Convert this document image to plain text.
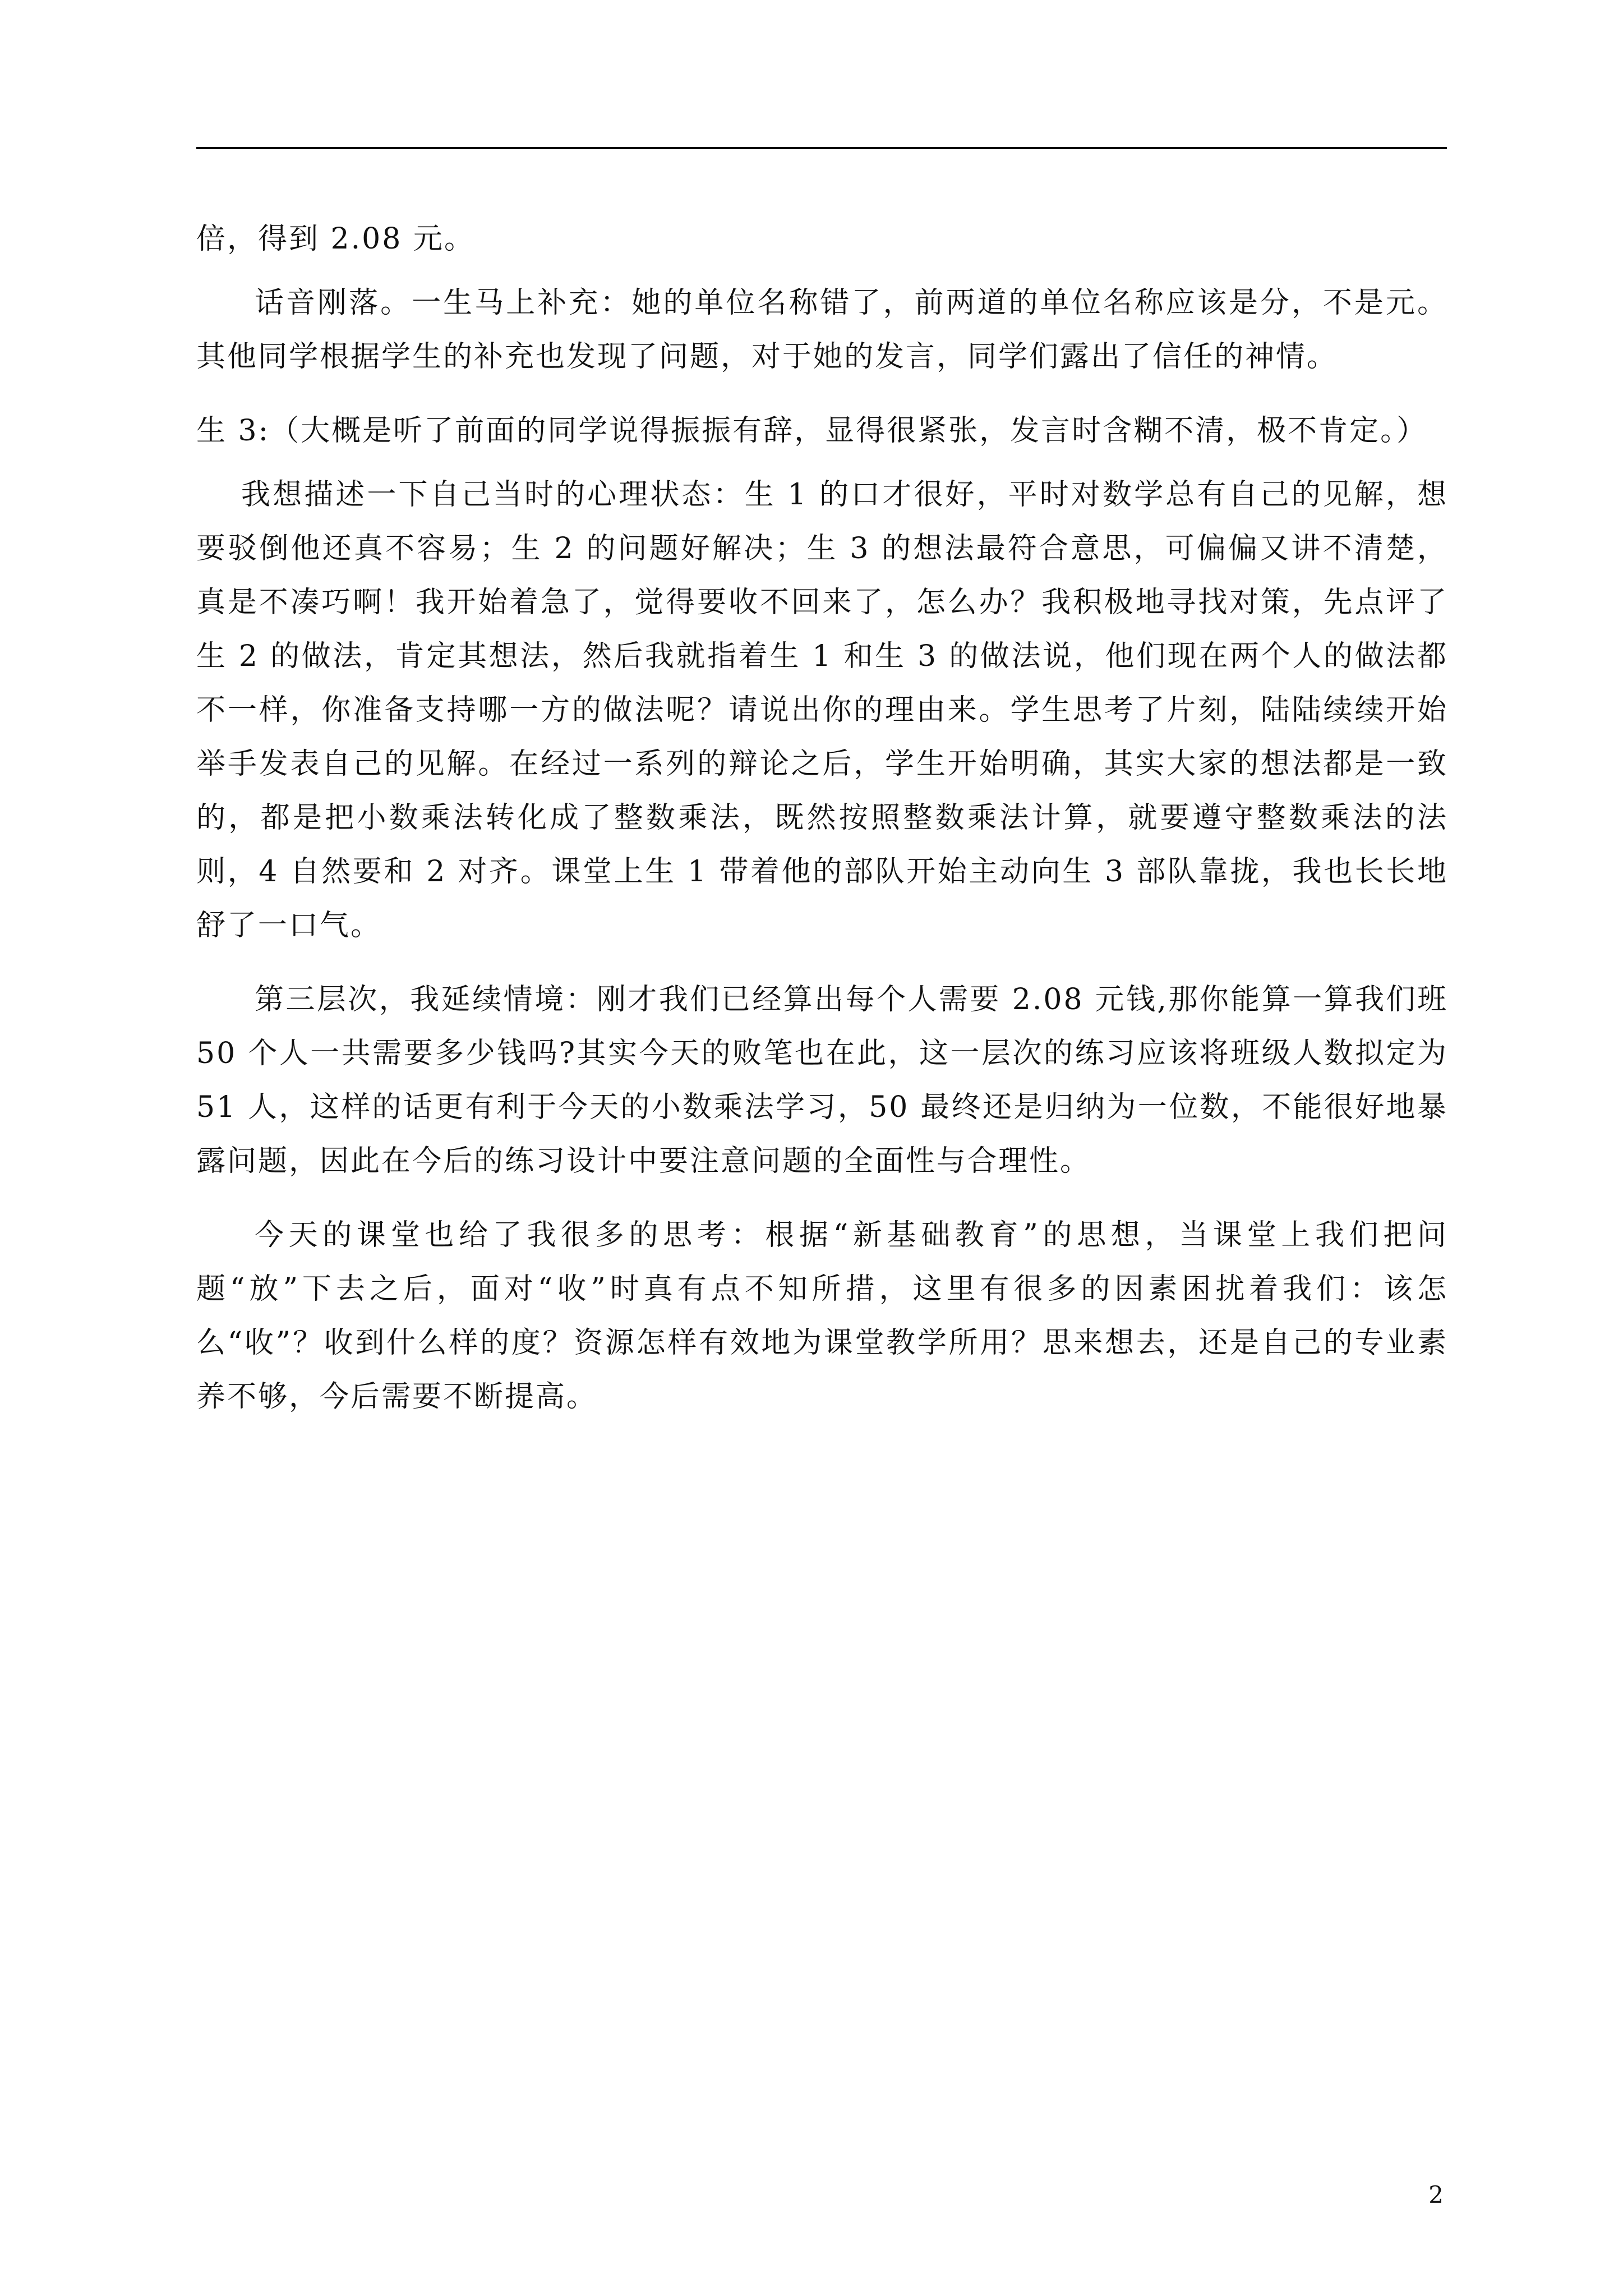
倍，得到 2.08 元。

话音刚落。一生马上补充：她的单位名称错了，前两道的单位名称应该是分，不是元。其他同学根据学生的补充也发现了问题，对于她的发言，同学们露出了信任的神情。

生 3:（大概是听了前面的同学说得振振有辞，显得很紧张，发言时含糊不清，极不肯定。）

我想描述一下自己当时的心理状态：生 1 的口才很好，平时对数学总有自己的见解，想要驳倒他还真不容易；生 2 的问题好解决；生 3 的想法最符合意思，可偏偏又讲不清楚，真是不凑巧啊！我开始着急了，觉得要收不回来了，怎么办？我积极地寻找对策，先点评了生 2 的做法，肯定其想法，然后我就指着生 1 和生 3 的做法说，他们现在两个人的做法都不一样，你准备支持哪一方的做法呢？请说出你的理由来。学生思考了片刻，陆陆续续开始举手发表自己的见解。在经过一系列的辩论之后，学生开始明确，其实大家的想法都是一致的，都是把小数乘法转化成了整数乘法，既然按照整数乘法计算，就要遵守整数乘法的法则，4 自然要和 2 对齐。课堂上生 1 带着他的部队开始主动向生 3 部队靠拢，我也长长地舒了一口气。

第三层次，我延续情境：刚才我们已经算出每个人需要 2.08 元钱,那你能算一算我们班 50 个人一共需要多少钱吗?其实今天的败笔也在此，这一层次的练习应该将班级人数拟定为 51 人，这样的话更有利于今天的小数乘法学习，50 最终还是归纳为一位数，不能很好地暴露问题，因此在今后的练习设计中要注意问题的全面性与合理性。

今天的课堂也给了我很多的思考：根据“新基础教育”的思想，当课堂上我们把问题“放”下去之后，面对“收”时真有点不知所措，这里有很多的因素困扰着我们：该怎么“收”？收到什么样的度？资源怎样有效地为课堂教学所用？思来想去，还是自己的专业素养不够，今后需要不断提高。

2
